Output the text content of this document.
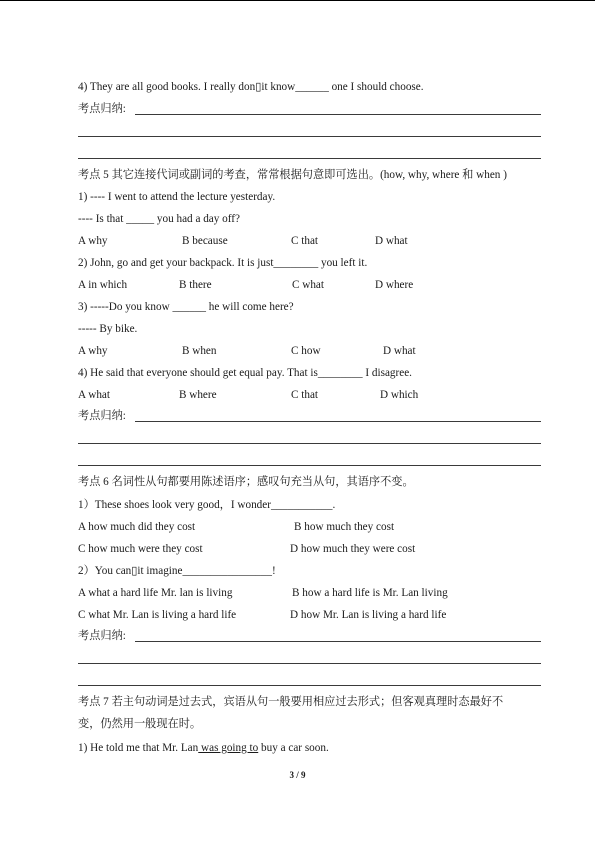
4) They are all good books. I really don▯it know______ one I should choose.
考点归纳:
考点 5 其它连接代词或副词的考查，常常根据句意即可选出。(how, why, where 和 when )
1) ---- I went to attend the lecture yesterday.
---- Is that _____ you had a day off?
A why	B because	C that	D what
2) John, go and get your backpack. It is just________ you left it.
A in which	B there	C what	D where
3) -----Do you know ______ he will come here?
----- By bike.
A why	B when	C how	D what
4) He said that everyone should get equal pay. That is________ I disagree.
A what	B where	C that	D which
考点归纳:
考点 6 名词性从句都要用陈述语序；感叹句充当从句，其语序不变。
1）These shoes look very good，I wonder___________.
A how much did they cost	B how much they cost
C how much were they cost	D how much they were cost
2）You can▯it imagine________________!
A what a hard life Mr. lan is living	B how a hard life is Mr. Lan living
C what Mr. Lan is living a hard life	D how Mr. Lan is living a hard life
考点归纳:
考点 7 若主句动词是过去式，宾语从句一般要用相应过去形式；但客观真理时态最好不
变，仍然用一般现在时。
1) He told me that Mr. Lan was going to buy a car soon.
3 / 9
